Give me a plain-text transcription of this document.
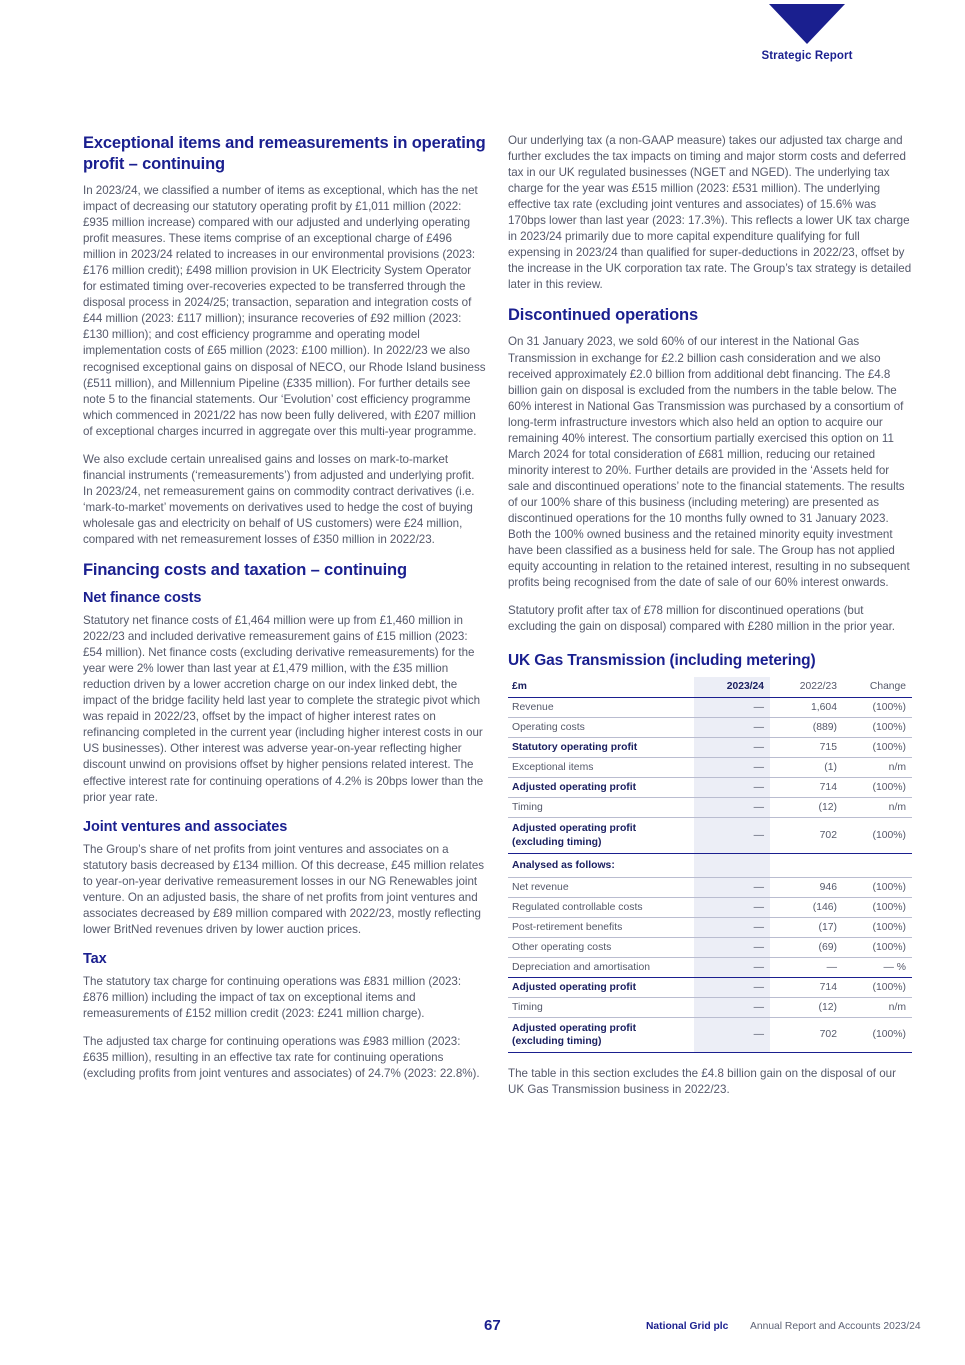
Strategic Report
Exceptional items and remeasurements in operating profit – continuing

In 2023/24, we classified a number of items as exceptional, which has the net impact of decreasing our statutory operating profit by £1,011 million (2022: £935 million increase) compared with our adjusted and underlying operating profit measures. These items comprise of an exceptional charge of £496 million in 2023/24 related to increases in our environmental provisions (2023: £176 million credit); £498 million provision in UK Electricity System Operator for estimated timing over-recoveries expected to be transferred through the disposal process in 2024/25; transaction, separation and integration costs of £44 million (2023: £117 million); insurance recoveries of £92 million (2023: £130 million); and cost efficiency programme and operating model implementation costs of £65 million (2023: £100 million). In 2022/23 we also recognised exceptional gains on disposal of NECO, our Rhode Island business (£511 million), and Millennium Pipeline (£335 million). For further details see note 5 to the financial statements. Our ‘Evolution’ cost efficiency programme which commenced in 2021/22 has now been fully delivered, with £207 million of exceptional charges incurred in aggregate over this multi-year programme.

We also exclude certain unrealised gains and losses on mark-to-market financial instruments (‘remeasurements’) from adjusted and underlying profit. In 2023/24, net remeasurement gains on commodity contract derivatives (i.e. ‘mark-to-market’ movements on derivatives used to hedge the cost of buying wholesale gas and electricity on behalf of US customers) were £24 million, compared with net remeasurement losses of £350 million in 2022/23.

Financing costs and taxation – continuing
Net finance costs

Statutory net finance costs of £1,464 million were up from £1,460 million in 2022/23 and included derivative remeasurement gains of £15 million (2023: £54 million). Net finance costs (excluding derivative remeasurements) for the year were 2% lower than last year at £1,479 million, with the £35 million reduction driven by a lower accretion charge on our index linked debt, the impact of the bridge facility held last year to complete the strategic pivot which was repaid in 2022/23, offset by the impact of higher interest rates on refinancing completed in the current year (including higher interest costs in our US businesses). Other interest was adverse year-on-year reflecting higher discount unwind on provisions offset by higher pensions related interest. The effective interest rate for continuing operations of 4.2% is 20bps lower than the prior year rate.

Joint ventures and associates

The Group’s share of net profits from joint ventures and associates on a statutory basis decreased by £134 million. Of this decrease, £45 million relates to year-on-year derivative remeasurement losses in our NG Renewables joint venture. On an adjusted basis, the share of net profits from joint ventures and associates decreased by £89 million compared with 2022/23, mostly reflecting lower BritNed revenues driven by lower auction prices.

Tax

The statutory tax charge for continuing operations was £831 million (2023: £876 million) including the impact of tax on exceptional items and remeasurements of £152 million credit (2023: £241 million charge).

The adjusted tax charge for continuing operations was £983 million (2023: £635 million), resulting in an effective tax rate for continuing operations (excluding profits from joint ventures and associates) of 24.7% (2023: 22.8%).

Our underlying tax (a non-GAAP measure) takes our adjusted tax charge and further excludes the tax impacts on timing and major storm costs and deferred tax in our UK regulated businesses (NGET and NGED). The underlying tax charge for the year was £515 million (2023: £531 million). The underlying effective tax rate (excluding joint ventures and associates) of 15.6% was 170bps lower than last year (2023: 17.3%). This reflects a lower UK tax charge in 2023/24 primarily due to more capital expenditure qualifying for full expensing in 2023/24 than qualified for super-deductions in 2022/23, offset by the increase in the UK corporation tax rate. The Group’s tax strategy is detailed later in this review.

Discontinued operations

On 31 January 2023, we sold 60% of our interest in the National Gas Transmission in exchange for £2.2 billion cash consideration and we also received approximately £2.0 billion from additional debt financing. The £4.8 billion gain on disposal is excluded from the numbers in the table below. The 60% interest in National Gas Transmission was purchased by a consortium of long-term infrastructure investors which also held an option to acquire our remaining 40% interest. The consortium partially exercised this option on 11 March 2024 for total consideration of £681 million, reducing our retained minority interest to 20%. Further details are provided in the ‘Assets held for sale and discontinued operations’ note to the financial statements. The results of our 100% share of this business (including metering) are presented as discontinued operations for the 10 months fully owned to 31 January 2023. Both the 100% owned business and the retained minority equity investment have been classified as a business held for sale. The Group has not applied equity accounting in relation to the retained interest, resulting in no subsequent profits being recognised from the date of sale of our 60% interest onwards.

Statutory profit after tax of £78 million for discontinued operations (but excluding the gain on disposal) compared with £280 million in the prior year.

UK Gas Transmission (including metering)
£m	2023/24	2022/23	Change
Revenue	—	1,604	(100%)
Operating costs	—	(889)	(100%)
Statutory operating profit	—	715	(100%)
Exceptional items	—	(1)	n/m
Adjusted operating profit	—	714	(100%)
Timing	—	(12)	n/m
Adjusted operating profit
(excluding timing)	—	702	(100%)
Analysed as follows:			
Net revenue	—	946	(100%)
Regulated controllable costs	—	(146)	(100%)
Post-retirement benefits	—	(17)	(100%)
Other operating costs	—	(69)	(100%)
Depreciation and amortisation	—	—	— %
Adjusted operating profit	—	714	(100%)
Timing	—	(12)	n/m
Adjusted operating profit
(excluding timing)	—	702	(100%)

The table in this section excludes the £4.8 billion gain on the disposal of our UK Gas Transmission business in 2022/23.

67	National Grid plc Annual Report and Accounts 2023/24
